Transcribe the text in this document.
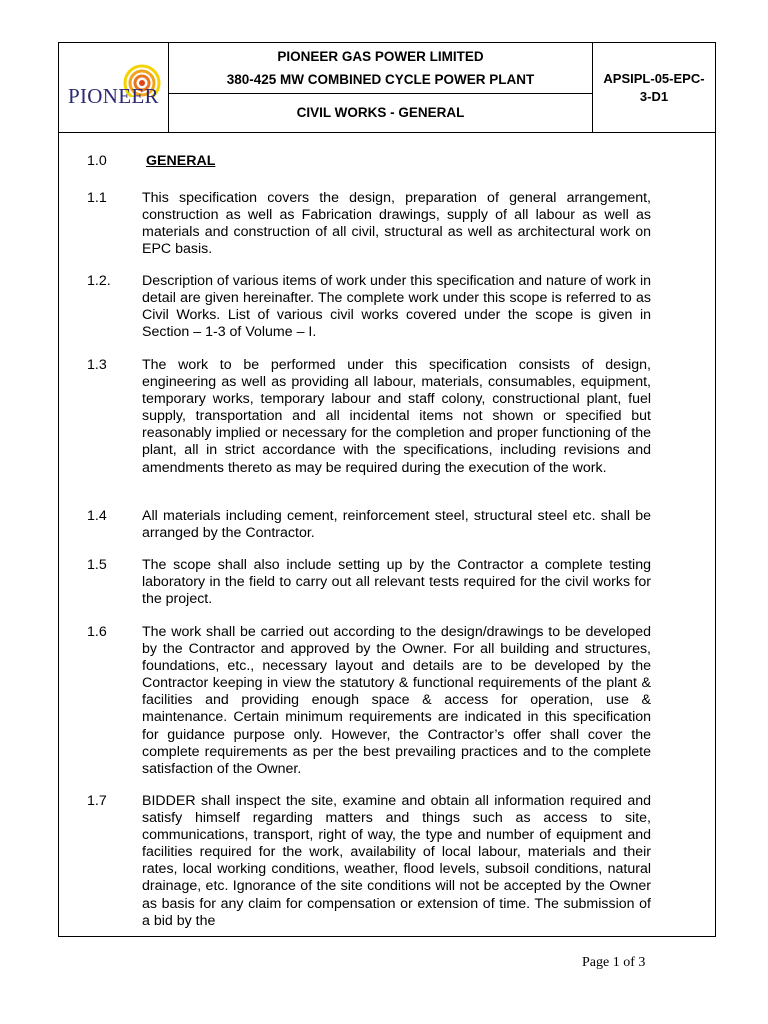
PIONEER
PIONEER GAS POWER LIMITED
380-425 MW COMBINED CYCLE POWER PLANT
CIVIL WORKS - GENERAL
APSIPL-05-EPC-
3-D1
1.0	GENERAL
1.1 This specification covers the design, preparation of general arrangement, construction as well as Fabrication drawings, supply of all labour as well as materials and construction of all civil, structural as well as architectural work on EPC basis.
1.2. Description of various items of work under this specification and nature of work in detail are given hereinafter. The complete work under this scope is referred to as Civil Works. List of various civil works covered under the scope is given in Section – 1-3 of Volume – I.
1.3 The work to be performed under this specification consists of design, engineering as well as providing all labour, materials, consumables, equipment, temporary works, temporary labour and staff colony, constructional plant, fuel supply, transportation and all incidental items not shown or specified but reasonably implied or necessary for the completion and proper functioning of the plant, all in strict accordance with the specifications, including revisions and amendments thereto as may be required during the execution of the work.
1.4 All materials including cement, reinforcement steel, structural steel etc. shall be arranged by the Contractor.
1.5 The scope shall also include setting up by the Contractor a complete testing laboratory in the field to carry out all relevant tests required for the civil works for the project.
1.6 The work shall be carried out according to the design/drawings to be developed by the Contractor and approved by the Owner. For all building and structures, foundations, etc., necessary layout and details are to be developed by the Contractor keeping in view the statutory & functional requirements of the plant & facilities and providing enough space & access for operation, use & maintenance. Certain minimum requirements are indicated in this specification for guidance purpose only. However, the Contractor’s offer shall cover the complete requirements as per the best prevailing practices and to the complete satisfaction of the Owner.
1.7 BIDDER shall inspect the site, examine and obtain all information required and satisfy himself regarding matters and things such as access to site, communications, transport, right of way, the type and number of equipment and facilities required for the work, availability of local labour, materials and their rates, local working conditions, weather, flood levels, subsoil conditions, natural drainage, etc. Ignorance of the site conditions will not be accepted by the Owner as basis for any claim for compensation or extension of time. The submission of a bid by the
Page 1 of 3
